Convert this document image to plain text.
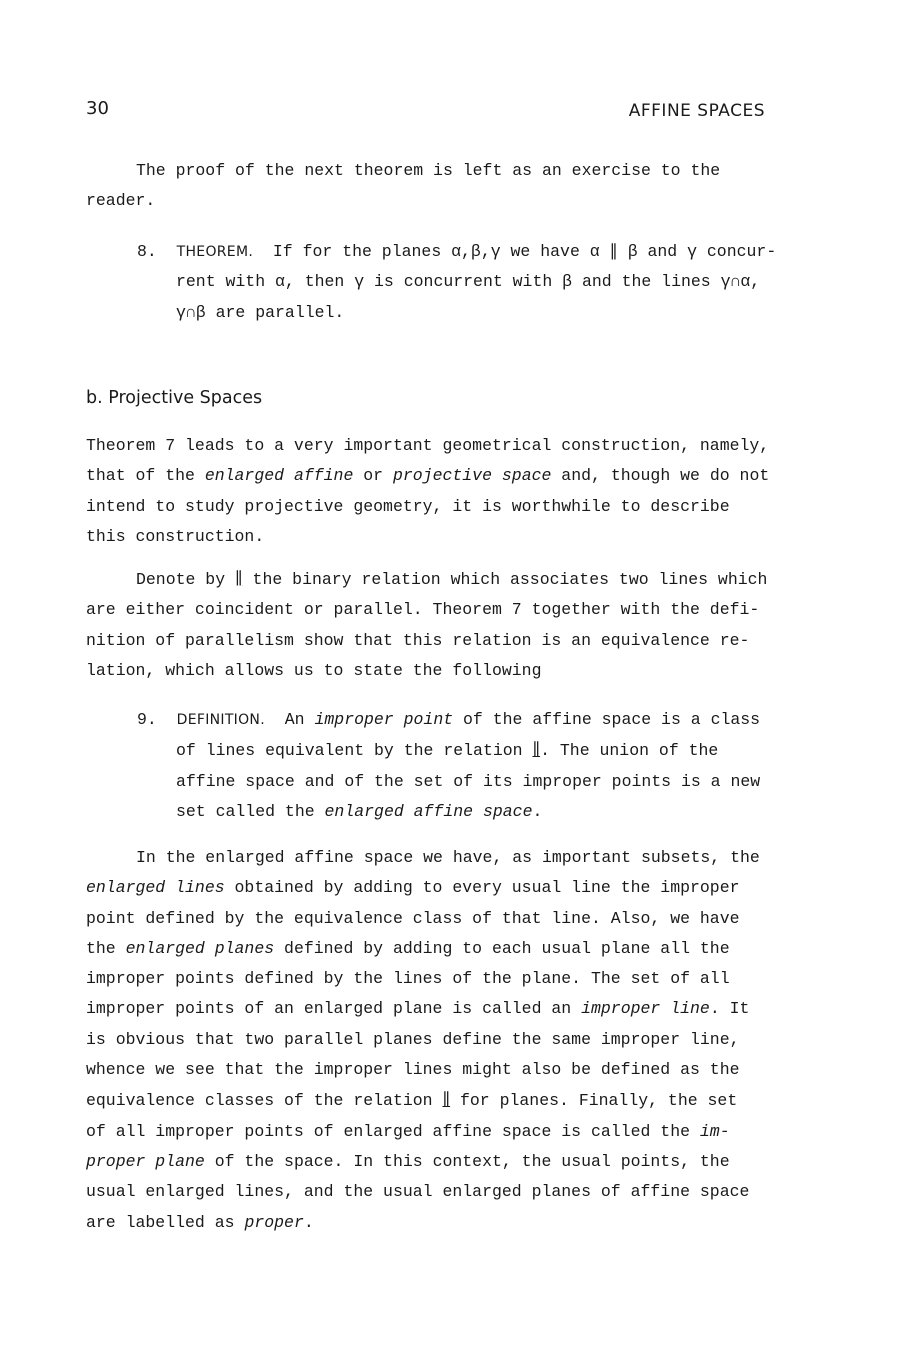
30	AFFINE SPACES
The proof of the next theorem is left as an exercise to the
reader.
8. THEOREM. If for the planes α,β,γ we have α ∥ β and γ concur-
rent with α, then γ is concurrent with β and the lines γ∩α,
γ∩β are parallel.
b. Projective Spaces
Theorem 7 leads to a very important geometrical construction, namely,
that of the enlarged affine or projective space and, though we do not
intend to study projective geometry, it is worthwhile to describe
this construction.
Denote by ∥ the binary relation which associates two lines which
are either coincident or parallel. Theorem 7 together with the defi-
nition of parallelism show that this relation is an equivalence re-
lation, which allows us to state the following
9. DEFINITION. An improper point of the affine space is a class
of lines equivalent by the relation ∥. The union of the
affine space and of the set of its improper points is a new
set called the enlarged affine space.
In the enlarged affine space we have, as important subsets, the
enlarged lines obtained by adding to every usual line the improper
point defined by the equivalence class of that line. Also, we have
the enlarged planes defined by adding to each usual plane all the
improper points defined by the lines of the plane. The set of all
improper points of an enlarged plane is called an improper line. It
is obvious that two parallel planes define the same improper line,
whence we see that the improper lines might also be defined as the
equivalence classes of the relation ∥ for planes. Finally, the set
of all improper points of enlarged affine space is called the im-
proper plane of the space. In this context, the usual points, the
usual enlarged lines, and the usual enlarged planes of affine space
are labelled as proper.
